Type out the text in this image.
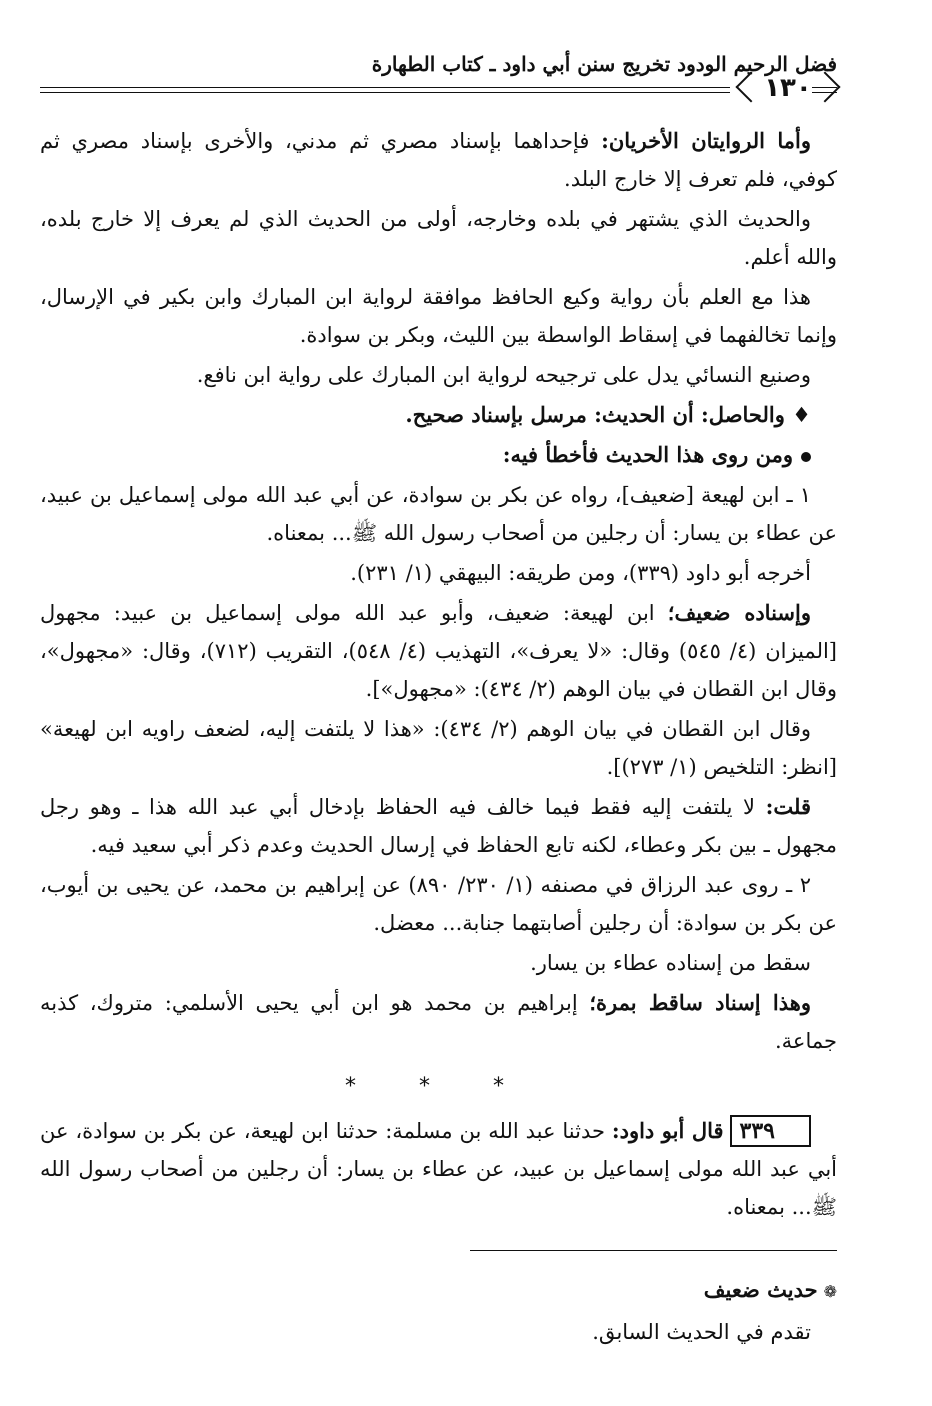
فضل الرحيم الودود تخريج سنن أبي داود ـ كتاب الطهارة
١٣٠

وأما الروايتان الأخريان: فإحداهما بإسناد مصري ثم مدني، والأخرى بإسناد مصري ثم كوفي، فلم تعرف إلا خارج البلد.

والحديث الذي يشتهر في بلده وخارجه، أولى من الحديث الذي لم يعرف إلا خارج بلده، والله أعلم.

هذا مع العلم بأن رواية وكيع الحافظ موافقة لرواية ابن المبارك وابن بكير في الإرسال، وإنما تخالفهما في إسقاط الواسطة بين الليث، وبكر بن سوادة.

وصنيع النسائي يدل على ترجيحه لرواية ابن المبارك على رواية ابن نافع.

♦ والحاصل: أن الحديث: مرسل بإسناد صحيح.

ومن روى هذا الحديث فأخطأ فيه:

١ ـ ابن لهيعة [ضعيف]، رواه عن بكر بن سوادة، عن أبي عبد الله مولى إسماعيل بن عبيد، عن عطاء بن يسار: أن رجلين من أصحاب رسول الله ﷺ... بمعناه.

أخرجه أبو داود (٣٣٩)، ومن طريقه: البيهقي (١/ ٢٣١).

وإسناده ضعيف؛ ابن لهيعة: ضعيف، وأبو عبد الله مولى إسماعيل بن عبيد: مجهول [الميزان (٤/ ٥٤٥) وقال: «لا يعرف»، التهذيب (٤/ ٥٤٨)، التقريب (٧١٢)، وقال: «مجهول»، وقال ابن القطان في بيان الوهم (٢/ ٤٣٤): «مجهول»].

وقال ابن القطان في بيان الوهم (٢/ ٤٣٤): «هذا لا يلتفت إليه، لضعف راويه ابن لهيعة» [انظر: التلخيص (١/ ٢٧٣)].

قلت: لا يلتفت إليه فقط فيما خالف فيه الحفاظ بإدخال أبي عبد الله هذا ـ وهو رجل مجهول ـ بين بكر وعطاء، لكنه تابع الحفاظ في إرسال الحديث وعدم ذكر أبي سعيد فيه.

٢ ـ روى عبد الرزاق في مصنفه (١/ ٢٣٠/ ٨٩٠) عن إبراهيم بن محمد، عن يحيى بن أيوب، عن بكر بن سوادة: أن رجلين أصابتهما جنابة... معضل.

سقط من إسناده عطاء بن يسار.

وهذا إسناد ساقط بمرة؛ إبراهيم بن محمد هو ابن أبي يحيى الأسلمي: متروك، كذبه جماعة.

* * *

٣٣٩قال أبو داود: حدثنا عبد الله بن مسلمة: حدثنا ابن لهيعة، عن بكر بن سوادة، عن أبي عبد الله مولى إسماعيل بن عبيد، عن عطاء بن يسار: أن رجلين من أصحاب رسول الله ﷺ... بمعناه.

❁حديث ضعيف

تقدم في الحديث السابق.
